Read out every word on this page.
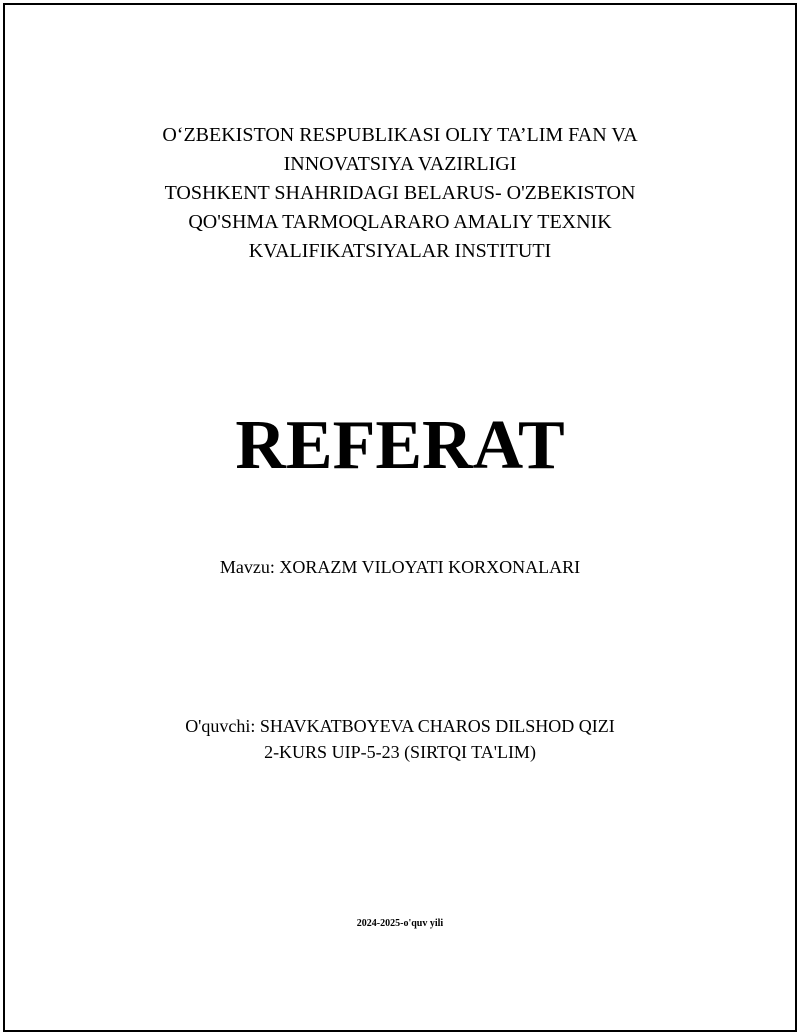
O‘ZBEKISTON RESPUBLIKASI OLIY TA’LIM FAN VA
INNOVATSIYA VAZIRLIGI
TOSHKENT SHAHRIDAGI BELARUS- O'ZBEKISTON
QO'SHMA TARMOQLARARO AMALIY TEXNIK
KVALIFIKATSIYALAR INSTITUTI
REFERAT
Mavzu: XORAZM VILOYATI KORXONALARI
O'quvchi: SHAVKATBOYEVA CHAROS DILSHOD QIZI
2-KURS UIP-5-23 (SIRTQI TA'LIM)
2024-2025-o'quv yili
